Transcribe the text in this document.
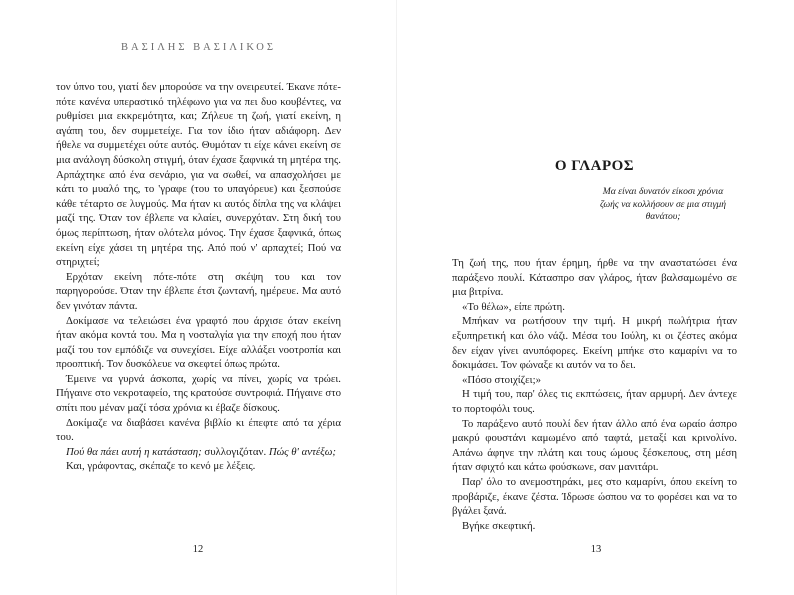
ΒΑΣΙΛΗΣ ΒΑΣΙΛΙΚΟΣ

τον ύπνο του, γιατί δεν μπορούσε να την ονειρευτεί. Έκανε πότε-πότε κανένα υπεραστικό τηλέφωνο για να πει δυο κουβέντες, να ρυθμίσει μια εκκρεμότητα, και; Ζήλευε τη ζωή, γιατί εκείνη, η αγάπη του, δεν συμμετείχε. Για τον ίδιο ήταν αδιάφορη. Δεν ήθελε να συμμετέχει ούτε αυτός. Θυμόταν τι είχε κάνει εκείνη σε μια ανάλογη δύσκολη στιγμή, όταν έχασε ξαφνικά τη μητέρα της. Αρπάχτηκε από ένα σενάριο, για να σωθεί, να απασχολήσει με κάτι το μυαλό της, το 'γραφε (του το υπαγόρευε) και ξεσπούσε κάθε τέταρτο σε λυγμούς. Μα ήταν κι αυτός δίπλα της να κλάψει μαζί της. Όταν τον έβλεπε να κλαίει, συνερχόταν. Στη δική του όμως περίπτωση, ήταν ολότελα μόνος. Την έχασε ξαφνικά, όπως εκείνη είχε χάσει τη μητέρα της. Από πού ν' αρπαχτεί; Πού να στηριχτεί;

Ερχόταν εκείνη πότε-πότε στη σκέψη του και τον παρηγορούσε. Όταν την έβλεπε έτσι ζωντανή, ημέρευε. Μα αυτό δεν γινόταν πάντα.

Δοκίμασε να τελειώσει ένα γραφτό που άρχισε όταν εκείνη ήταν ακόμα κοντά του. Μα η νοσταλγία για την εποχή που ήταν μαζί του τον εμπόδιζε να συνεχίσει. Είχε αλλάξει νοοτροπία και προοπτική. Τον δυσκόλευε να σκεφτεί όπως πρώτα.

Έμεινε να γυρνά άσκοπα, χωρίς να πίνει, χωρίς να τρώει. Πήγαινε στο νεκροταφείο, της κρατούσε συντροφιά. Πήγαινε στο σπίτι που μέναν μαζί τόσα χρόνια κι έβαζε δίσκους.

Δοκίμαζε να διαβάσει κανένα βιβλίο κι έπεφτε από τα χέρια του.

Πού θα πάει αυτή η κατάσταση; συλλογιζόταν. Πώς θ' αντέξω;

Και, γράφοντας, σκέπαζε το κενό με λέξεις.

12
Ο ΓΛΑΡΟΣ
Μα είναι δυνατόν είκοσι χρόνια
ζωής να κολλήσουν σε μια στιγμή
θανάτου;

Τη ζωή της, που ήταν έρημη, ήρθε να την αναστατώσει ένα παράξενο πουλί. Κάτασπρο σαν γλάρος, ήταν βαλσαμωμένο σε μια βιτρίνα.

«Το θέλω», είπε πρώτη.

Μπήκαν να ρωτήσουν την τιμή. Η μικρή πωλήτρια ήταν εξυπηρετική και όλο νάζι. Μέσα του Ιούλη, κι οι ζέστες ακόμα δεν είχαν γίνει ανυπόφορες. Εκείνη μπήκε στο καμαρίνι να το δοκιμάσει. Τον φώναξε κι αυτόν να το δει.

«Πόσο στοιχίζει;»

Η τιμή του, παρ' όλες τις εκπτώσεις, ήταν αρμυρή. Δεν άντεχε το πορτοφόλι τους.

Το παράξενο αυτό πουλί δεν ήταν άλλο από ένα ωραίο άσπρο μακρύ φουστάνι καμωμένο από ταφτά, μεταξί και κρινολίνο. Απάνω άφηνε την πλάτη και τους ώμους ξέσκεπους, στη μέση ήταν σφιχτό και κάτω φούσκωνε, σαν μανιτάρι.

Παρ' όλο το ανεμοστηράκι, μες στο καμαρίνι, όπου εκείνη το προβάριζε, έκανε ζέστα. Ίδρωσε ώσπου να το φορέσει και να το βγάλει ξανά.

Βγήκε σκεφτική.

13
